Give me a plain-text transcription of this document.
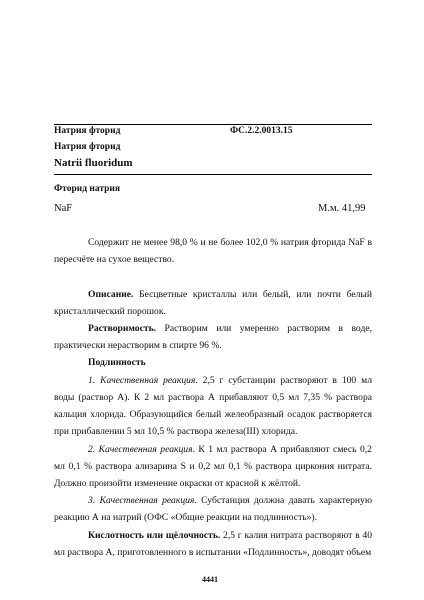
Натрия фторид	ФС.2.2.0013.15
Натрия фторид
Natrii fluoridum
Фторид натрия
NaF	М.м. 41,99
Содержит не менее 98,0 % и не более 102,0 % натрия фторида NaF в пересчёте на сухое вещество.
Описание. Бесцветные кристаллы или белый, или почти белый кристаллический порошок.
Растворимость. Растворим или умеренно растворим в воде, практически нерастворим в спирте 96 %.
Подлинность
1. Качественная реакция. 2,5 г субстанции растворяют в 100 мл воды (раствор А). К 2 мл раствора А прибавляют 0,5 мл 7,35 % раствора кальция хлорида. Образующийся белый желеобразный осадок растворяется при прибавлении 5 мл 10,5 % раствора железа(III) хлорида.
2. Качественная реакция. К 1 мл раствора А прибавляют смесь 0,2 мл 0,1 % раствора ализарина S и 0,2 мл 0,1 % раствора циркония нитрата. Должно произойти изменение окраски от красной к жёлтой.
3. Качественная реакция. Субстанция должна давать характерную реакцию А на натрий (ОФС «Общие реакции на подлинность»).
Кислотность или щёлочность. 2,5 г калия нитрата растворяют в 40 мл раствора А, приготовленного в испытании «Подлинность», доводят объем
4441
